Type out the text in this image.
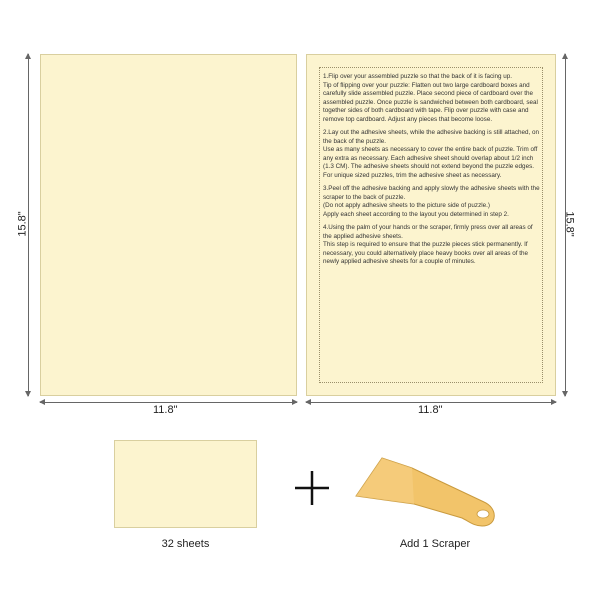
15.8"
11.8"

1.Flip over your assembled puzzle so that the back of it is facing up.
Tip of flipping over your puzzle: Flatten out two large cardboard boxes and carefully slide assembled puzzle. Place second piece of cardboard over the assembled puzzle. Once puzzle is sandwiched between both cardboard, seal together sides of both cardboard with tape. Flip over puzzle with case and remove top cardboard. Adjust any pieces that become loose.

2.Lay out the adhesive sheets, while the adhesive backing is still attached, on the back of the puzzle.
Use as many sheets as necessary to cover the entire back of puzzle. Trim off any extra as necessary. Each adhesive sheet should overlap about 1/2 inch (1.3 CM). The adhesive sheets should not extend beyond the puzzle edges. For unique sized puzzles, trim the adhesive sheet as necessary.

3.Peel off the adhesive backing and apply slowly the adhesive sheets with the scraper to the back of puzzle.
(Do not apply adhesive sheets to the picture side of puzzle.)
Apply each sheet according to the layout you determined in step 2.

4.Using the palm of your hands or the scraper, firmly press over all areas of the applied adhesive sheets.
This step is required to ensure that the puzzle pieces stick permanently. If necessary, you could alternatively place heavy books over all areas of the newly applied adhesive sheets for a couple of minutes.

15.8"
11.8"
32 sheets	Add 1 Scraper
